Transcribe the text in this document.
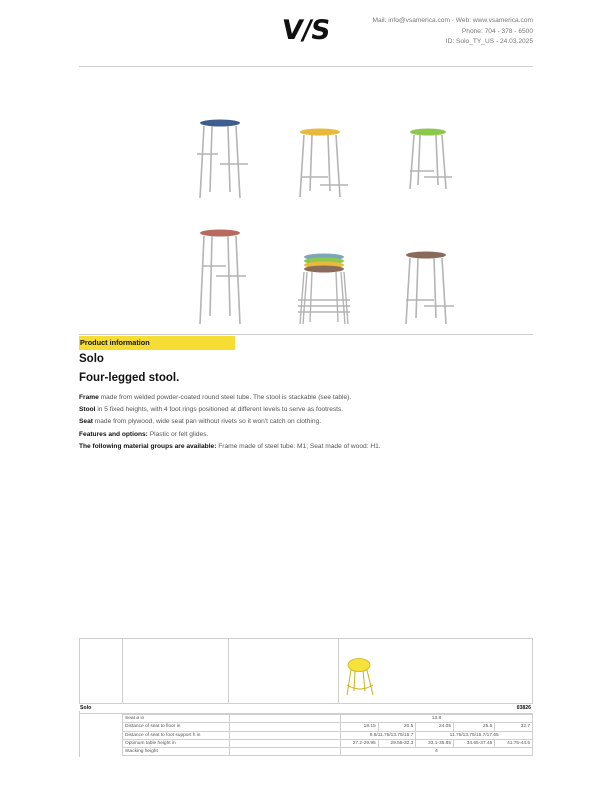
V/S	Mail: info@vsamerica.com · Web: www.vsamerica.com
Phone: 704 - 378 - 6500
ID: Solo_TY_US - 24.03.2025
Product information
Solo
Four-legged stool.

Frame made from welded powder-coated round steel tube. The stool is stackable (see table).

Stool in 5 fixed heights, with 4 foot rings positioned at different levels to serve as footrests.

Seat made from plywood, wide seat pan without rivets so it won't catch on clothing.

Features and options: Plastic or felt glides.

The following material groups are available: Frame made of steel tube: M1; Seat made of wood: H1.

Solo	03826
Seat ø in		13.8				
Distance of seat to floor in		18.15	20.5	24.05	25.6	32.7
Distance of seat to foot support h in		9.8/11.75/13.75/15.7		11.75/13.75/15.7/17.65		
Optimum table height in		27.2-29.95	29.55-32.3	33.1-35.85	34.65-37.45	41.75-44.5
Stacking height		4				
